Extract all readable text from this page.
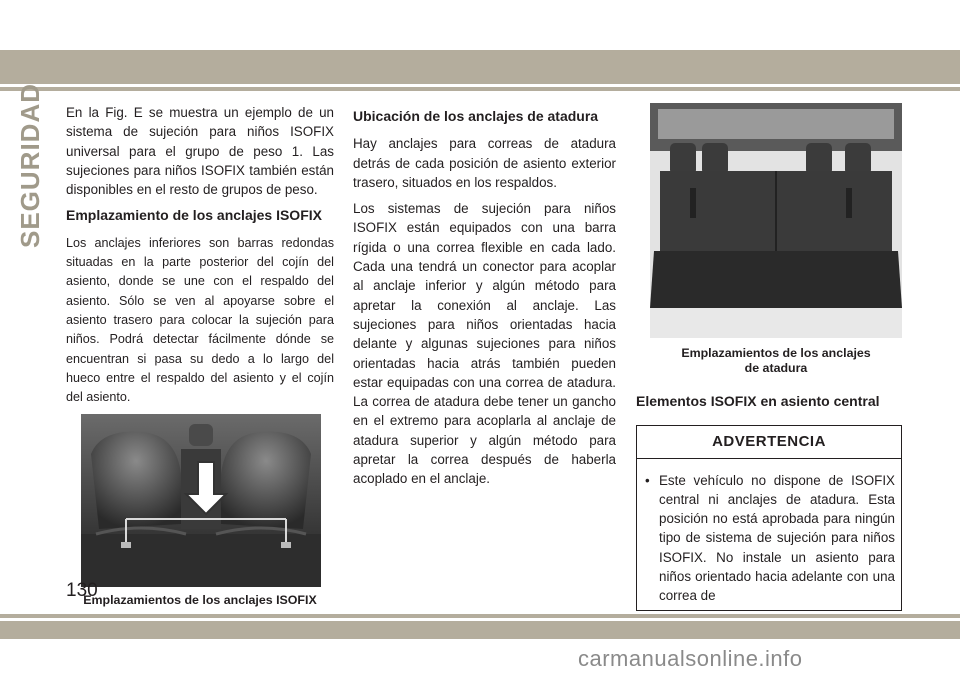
SEGURIDAD En la Fig. E se muestra un ejemplo de un sistema de sujeción para niños ISOFIX universal para el grupo de peso 1. Las sujeciones para niños ISOFIX también están disponibles en el resto de grupos de peso.

Emplazamiento de los anclajes ISOFIX

Los anclajes inferiores son barras redondas situadas en la parte posterior del cojín del asiento, donde se une con el respaldo del asiento. Sólo se ven al apoyarse sobre el asiento trasero para colocar la sujeción para niños. Podrá detectar fácilmente dónde se encuentran si pasa su dedo a lo largo del hueco entre el respaldo del asiento y el cojín del asiento.

Emplazamientos de los anclajes ISOFIX
Ubicación de los anclajes de atadura

Hay anclajes para correas de atadura detrás de cada posición de asiento exterior trasero, situados en los respaldos.

Los sistemas de sujeción para niños ISOFIX están equipados con una barra rígida o una correa flexible en cada lado. Cada una tendrá un conector para acoplar al anclaje inferior y algún método para apretar la conexión al anclaje. Las sujeciones para niños orientadas hacia delante y algunas sujeciones para niños orientadas hacia atrás también pueden estar equipadas con una correa de atadura. La correa de atadura debe tener un gancho en el extremo para acoplarla al anclaje de atadura superior y algún método para apretar la correa después de haberla acoplado en el anclaje.

Emplazamientos de los anclajes de atadura
Elementos ISOFIX en asiento central
ADVERTENCIA
• Este vehículo no dispone de ISOFIX central ni anclajes de atadura. Esta posición no está aprobada para ningún tipo de sistema de sujeción para niños ISOFIX. No instale un asiento para niños orientado hacia adelante con una correa de
130
carmanualsonline.info
